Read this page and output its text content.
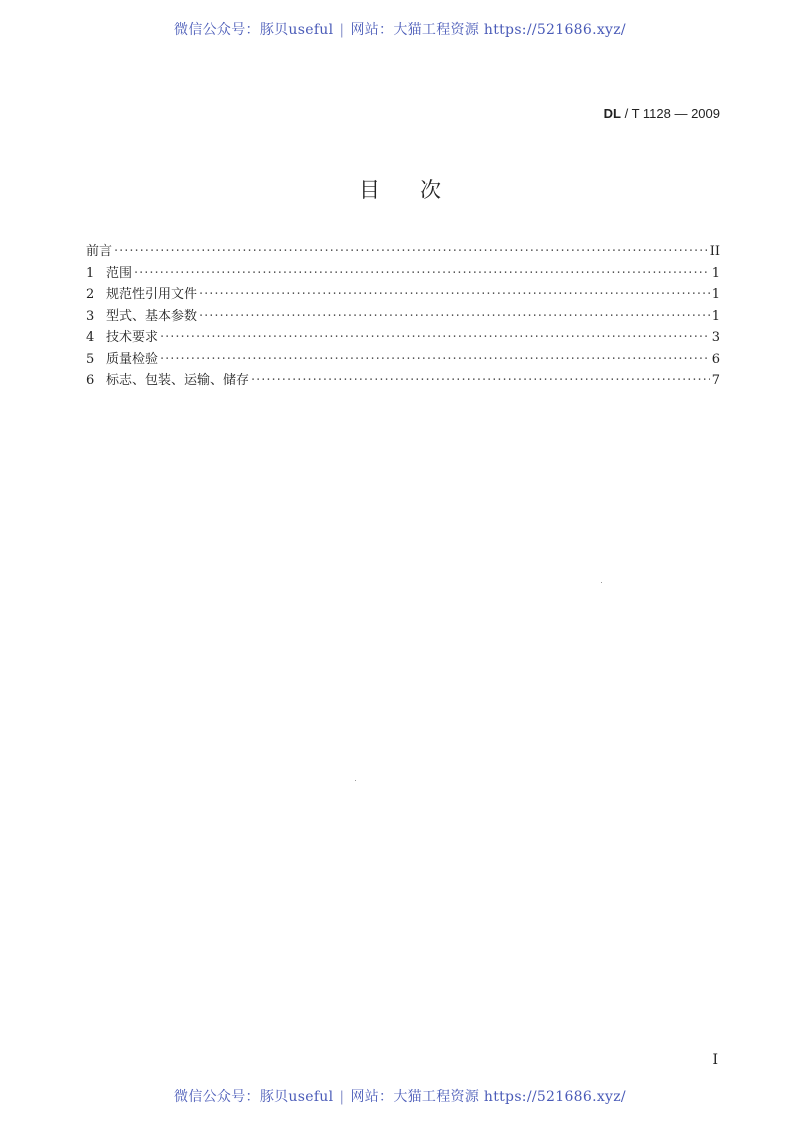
微信公众号：豚贝useful | 网站：大猫工程资源 https://521686.xyz/
DL / T 1128 — 2009
目次
前言 ·····	II
1 范围 ·····	1
2 规范性引用文件 ·····	1
3 型式、基本参数 ·····	1
4 技术要求 ·····	3
5 质量检验 ·····	6
6 标志、包装、运输、储存 ·····	7
I
微信公众号：豚贝useful | 网站：大猫工程资源 https://521686.xyz/
